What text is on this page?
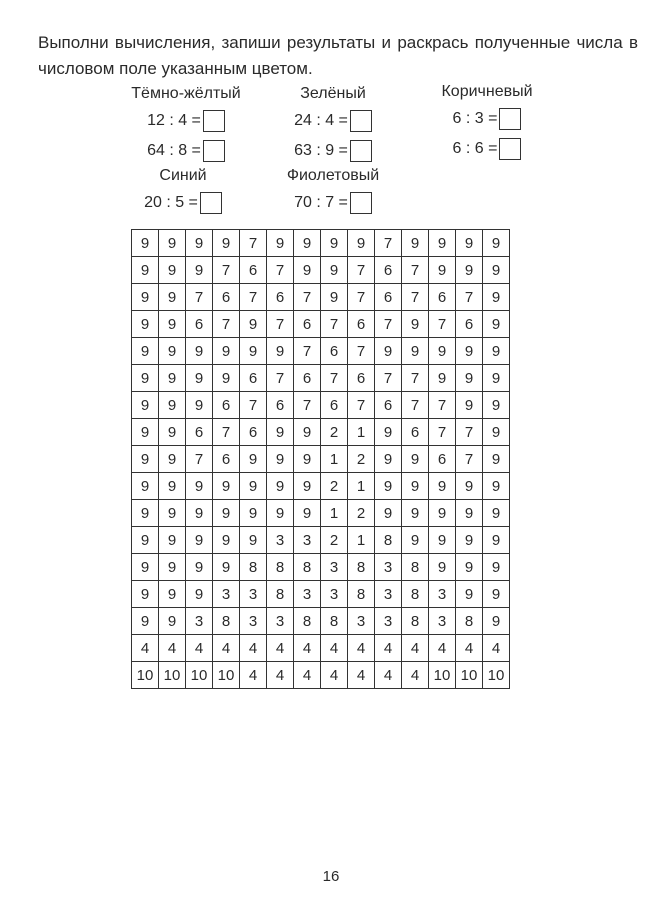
Выполни вычисления, запиши результаты и раскрась полученные числа в числовом поле указанным цветом.

Тёмно-жёлтый
12 : 4 =
64 : 8 =
Зелёный
24 : 4 =
63 : 9 =
Коричневый
6 : 3 =
6 : 6 =
Синий
20 : 5 =
Фиолетовый
70 : 7 =
9	9	9	9	7	9	9	9	9	7	9	9	9	9
9	9	9	7	6	7	9	9	7	6	7	9	9	9
9	9	7	6	7	6	7	9	7	6	7	6	7	9
9	9	6	7	9	7	6	7	6	7	9	7	6	9
9	9	9	9	9	9	7	6	7	9	9	9	9	9
9	9	9	9	6	7	6	7	6	7	7	9	9	9
9	9	9	6	7	6	7	6	7	6	7	7	9	9
9	9	6	7	6	9	9	2	1	9	6	7	7	9
9	9	7	6	9	9	9	1	2	9	9	6	7	9
9	9	9	9	9	9	9	2	1	9	9	9	9	9
9	9	9	9	9	9	9	1	2	9	9	9	9	9
9	9	9	9	9	3	3	2	1	8	9	9	9	9
9	9	9	9	8	8	8	3	8	3	8	9	9	9
9	9	9	3	3	8	3	3	8	3	8	3	9	9
9	9	3	8	3	3	8	8	3	3	8	3	8	9
4	4	4	4	4	4	4	4	4	4	4	4	4	4
10 10 10 10 4	4	4	4	4	4	4 10 10 10
16
